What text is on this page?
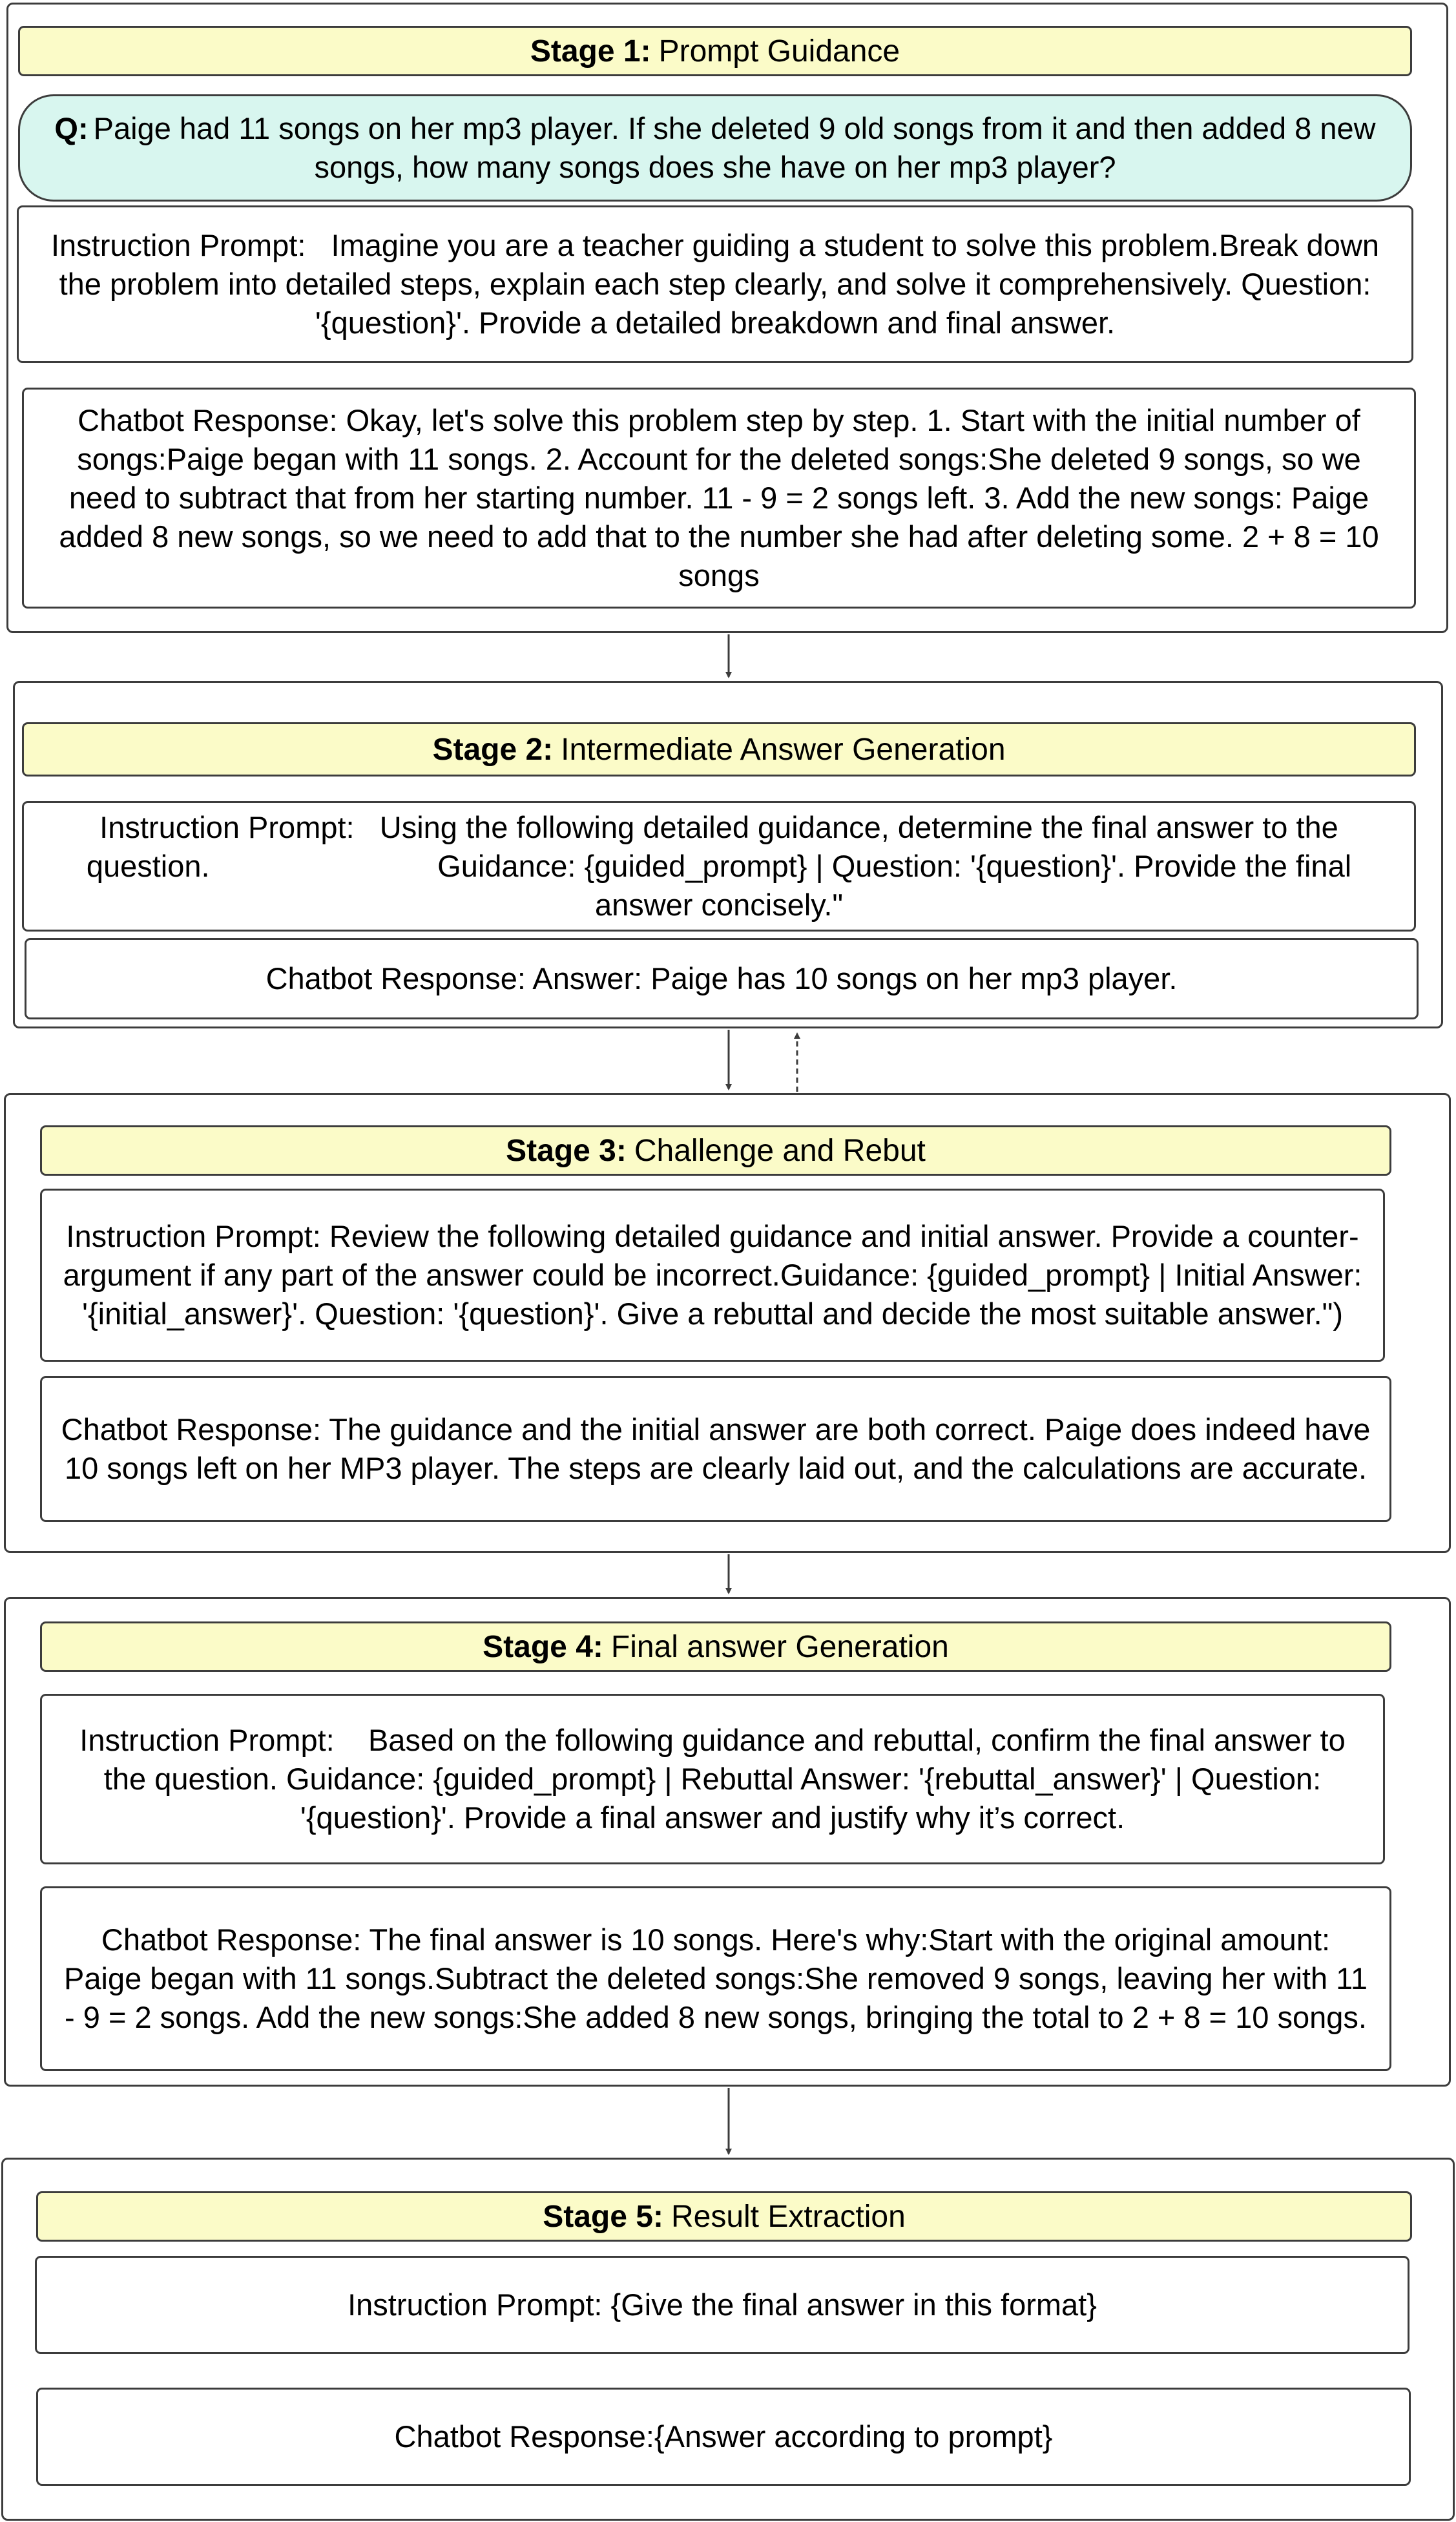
Stage 1: Prompt Guidance
Q: Paige had 11 songs on her mp3 player. If she deleted 9 old songs from it and then added 8 new songs, how many songs does she have on her mp3 player?
Instruction Prompt:   Imagine you are a teacher guiding a student to solve this problem.Break down the problem into detailed steps, explain each step clearly, and solve it comprehensively. Question: '{question}'. Provide a detailed breakdown and final answer.
Chatbot Response: Okay, let's solve this problem step by step. 1. Start with the initial number of songs:Paige began with 11 songs. 2. Account for the deleted songs:She deleted 9 songs, so we need to subtract that from her starting number. 11 - 9 = 2 songs left. 3. Add the new songs: Paige added 8 new songs, so we need to add that to the number she had after deleting some. 2 + 8 = 10 songs
Stage 2: Intermediate Answer Generation
Instruction Prompt:   Using the following detailed guidance, determine the final answer to the question.                           Guidance: {guided_prompt} | Question: '{question}'. Provide the final answer concisely."
Chatbot Response: Answer: Paige has 10 songs on her mp3 player.
Stage 3: Challenge and Rebut
Instruction Prompt: Review the following detailed guidance and initial answer. Provide a counter-argument if any part of the answer could be incorrect.Guidance: {guided_prompt} | Initial Answer: '{initial_answer}'. Question: '{question}'. Give a rebuttal and decide the most suitable answer.")
Chatbot Response: The guidance and the initial answer are both correct. Paige does indeed have 10 songs left on her MP3 player. The steps are clearly laid out, and the calculations are accurate.
Stage 4: Final answer Generation
Instruction Prompt:    Based on the following guidance and rebuttal, confirm the final answer to the question. Guidance: {guided_prompt} | Rebuttal Answer: '{rebuttal_answer}' | Question: '{question}'. Provide a final answer and justify why it’s correct.
Chatbot Response: The final answer is 10 songs. Here's why:Start with the original amount: Paige began with 11 songs.Subtract the deleted songs:She removed 9 songs, leaving her with 11 - 9 = 2 songs. Add the new songs:She added 8 new songs, bringing the total to 2 + 8 = 10 songs.
Stage 5: Result Extraction
Instruction Prompt: {Give the final answer in this format}
Chatbot Response:{Answer according to prompt}
